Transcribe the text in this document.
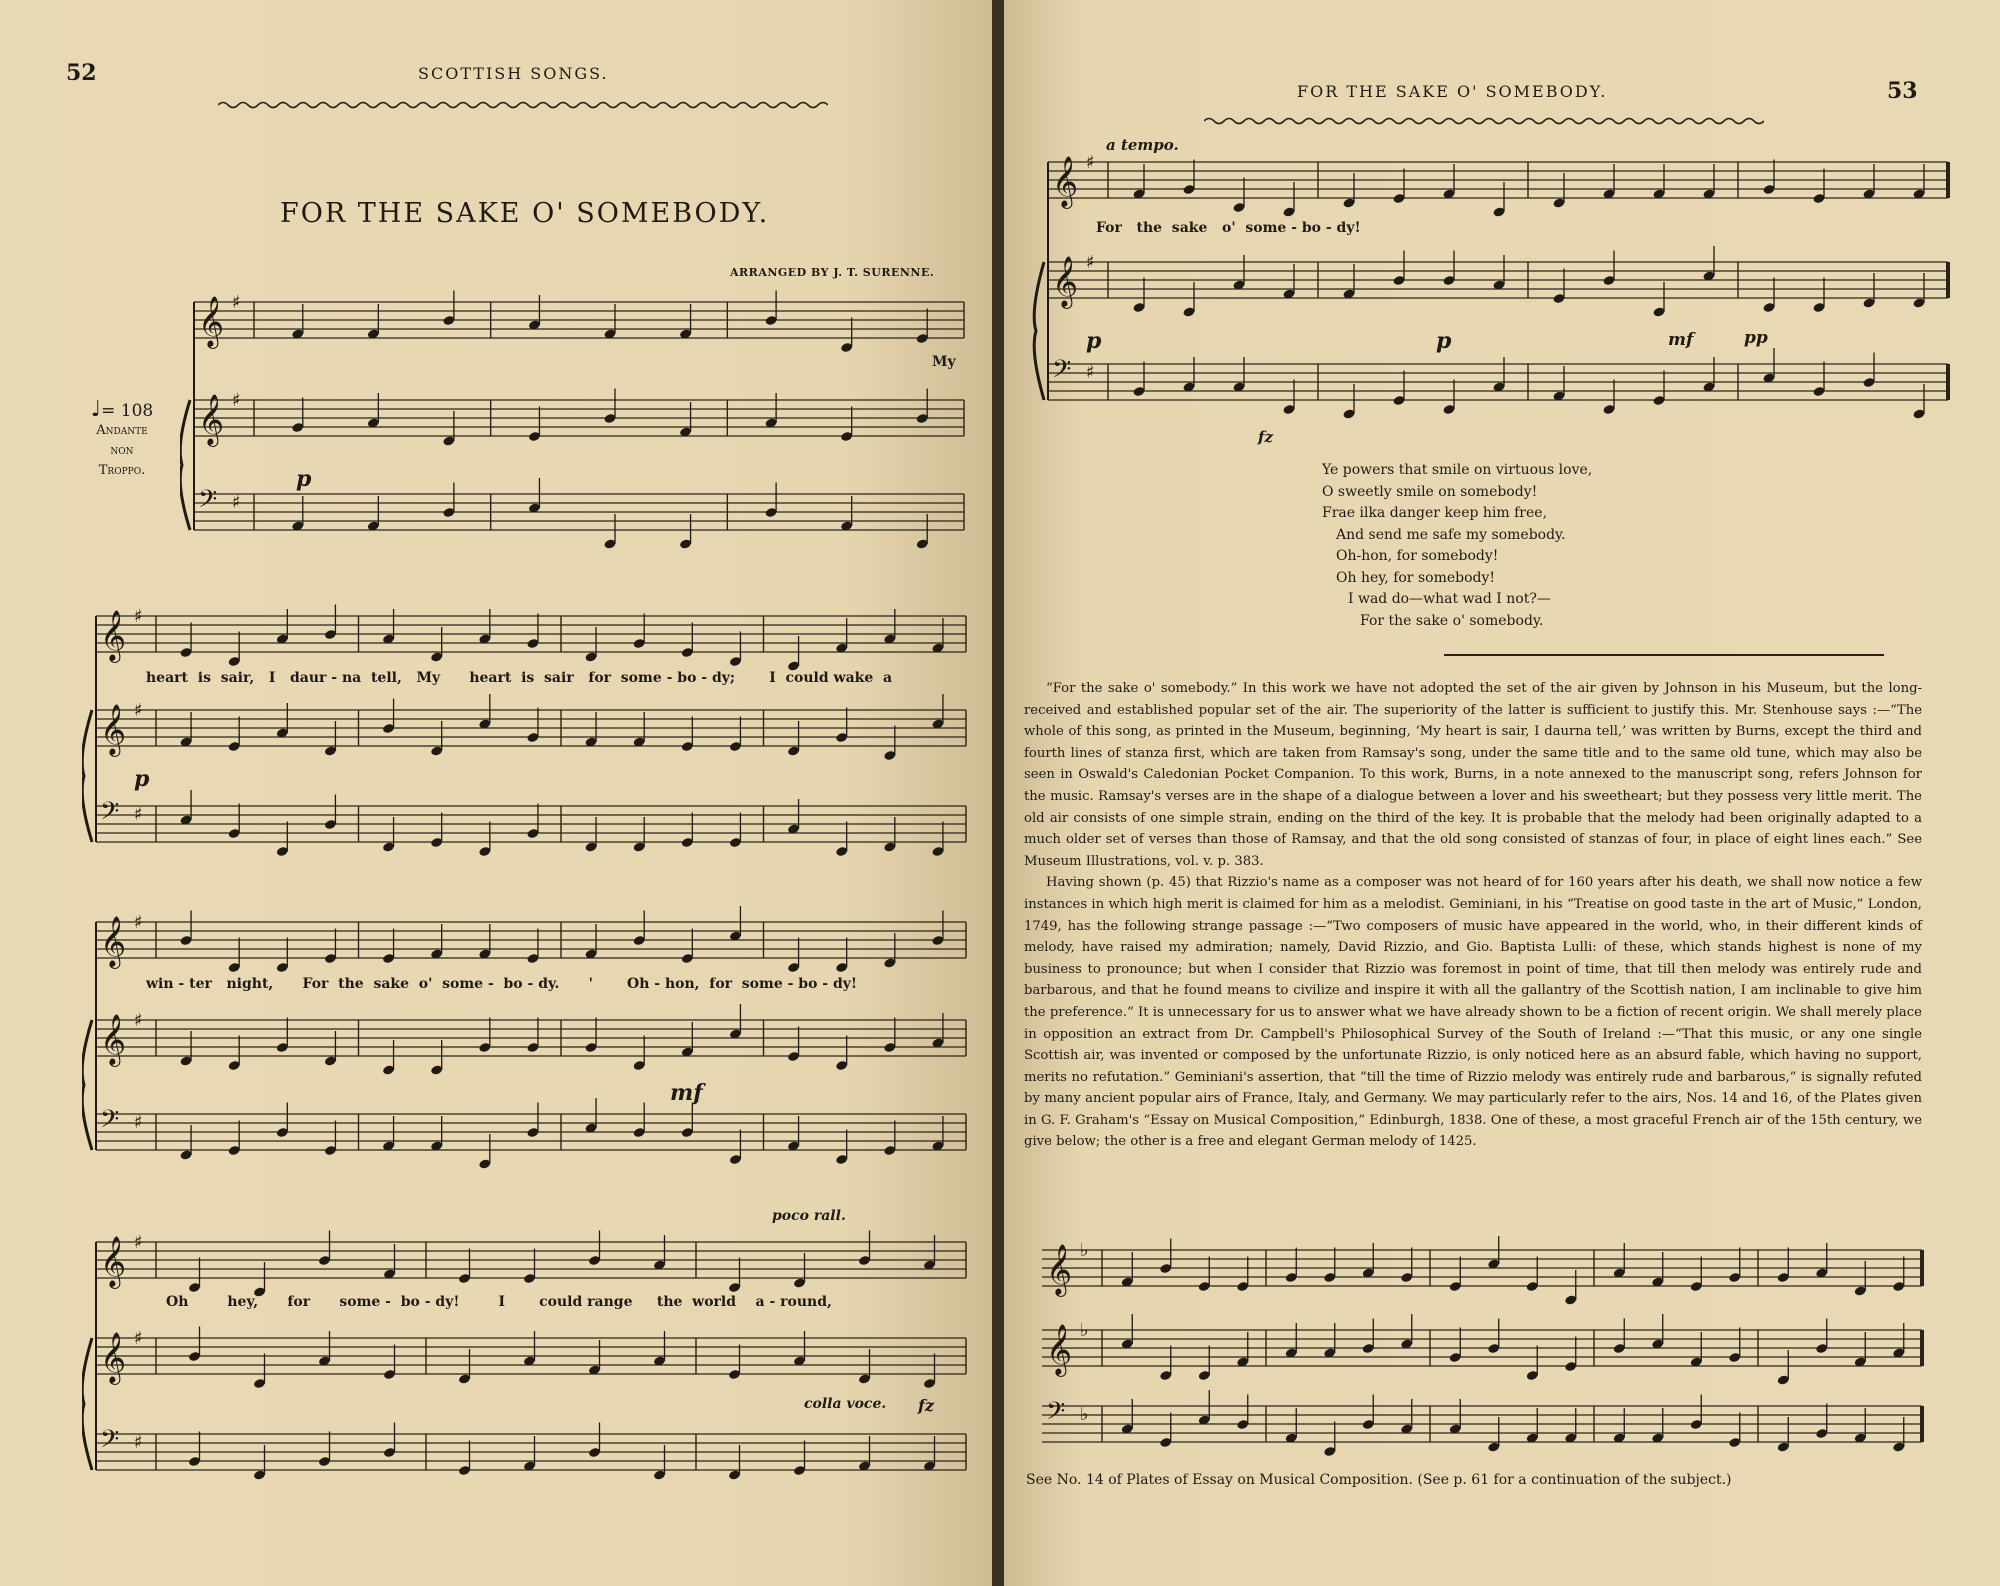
52	SCOTTISH SONGS.
FOR THE SAKE O' SOMEBODY.
ARRANGED BY J. T. SURENNE.
♩= 108
Andante
non
Troppo.
𝄞 ♯
𝄞 ♯
𝄢 ♯
My
p
𝄞 ♯
𝄞 ♯
𝄢 ♯
heart  is  sair,   I   daur - na  tell,   My      heart  is  sair   for  some - bo - dy;       I  could wake  a
p
𝄞 ♯
𝄞 ♯
𝄢 ♯
win - ter   night,      For  the  sake  o'  some -  bo - dy.      '       Oh - hon,  for  some - bo - dy!
mf
𝄞 ♯
𝄞 ♯
𝄢 ♯
poco rall.
Oh        hey,      for      some -  bo - dy!        I       could range     the  world    a - round,
colla voce. fz
FOR THE SAKE O' SOMEBODY.	53
a tempo.
𝄞 ♯
𝄞 ♯
𝄢 ♯
For   the  sake   o'  some - bo - dy!
p	p	mf	pp
fz
Ye powers that smile on virtuous love,
O sweetly smile on somebody!
Frae ilka danger keep him free,
And send me safe my somebody.
Oh-hon, for somebody!
Oh hey, for somebody!
I wad do—what wad I not?—
For the sake o' somebody.

“For the sake o' somebody.” In this work we have not adopted the set of the air given by Johnson in his Museum, but the long-received and established popular set of the air. The superiority of the latter is sufficient to justify this. Mr. Stenhouse says :—“The whole of this song, as printed in the Museum, beginning, ‘My heart is sair, I daurna tell,’ was written by Burns, except the third and fourth lines of stanza first, which are taken from Ramsay's song, under the same title and to the same old tune, which may also be seen in Oswald's Caledonian Pocket Companion. To this work, Burns, in a note annexed to the manuscript song, refers Johnson for the music. Ramsay's verses are in the shape of a dialogue between a lover and his sweetheart; but they possess very little merit. The old air consists of one simple strain, ending on the third of the key. It is probable that the melody had been originally adapted to a much older set of verses than those of Ramsay, and that the old song consisted of stanzas of four, in place of eight lines each.” See Museum Illustrations, vol. v. p. 383.

Having shown (p. 45) that Rizzio's name as a composer was not heard of for 160 years after his death, we shall now notice a few instances in which high merit is claimed for him as a melodist. Geminiani, in his “Treatise on good taste in the art of Music,” London, 1749, has the following strange passage :—“Two composers of music have appeared in the world, who, in their different kinds of melody, have raised my admiration; namely, David Rizzio, and Gio. Baptista Lulli: of these, which stands highest is none of my business to pronounce; but when I consider that Rizzio was foremost in point of time, that till then melody was entirely rude and barbarous, and that he found means to civilize and inspire it with all the gallantry of the Scottish nation, I am inclinable to give him the preference.” It is unnecessary for us to answer what we have already shown to be a fiction of recent origin. We shall merely place in opposition an extract from Dr. Campbell's Philosophical Survey of the South of Ireland :—“That this music, or any one single Scottish air, was invented or composed by the unfortunate Rizzio, is only noticed here as an absurd fable, which having no support, merits no refutation.” Geminiani's assertion, that “till the time of Rizzio melody was entirely rude and barbarous,” is signally refuted by many ancient popular airs of France, Italy, and Germany. We may particularly refer to the airs, Nos. 14 and 16, of the Plates given in G. F. Graham's “Essay on Musical Composition,” Edinburgh, 1838. One of these, a most graceful French air of the 15th century, we give below; the other is a free and elegant German melody of 1425.

𝄞 ♭
𝄞 ♭
𝄢 ♭
See No. 14 of Plates of Essay on Musical Composition. (See p. 61 for a continuation of the subject.)
